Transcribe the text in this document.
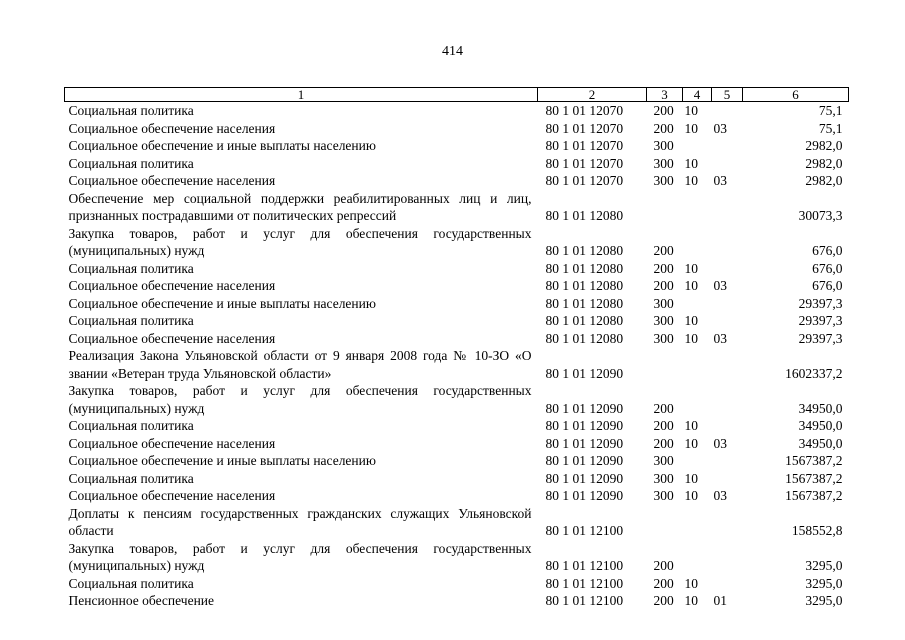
414
1	2	3	4	5	6
Социальная политика	80 1 01 12070	200	10		75,1
Социальное обеспечение населения	80 1 01 12070	200	10	03	75,1
Социальное обеспечение и иные выплаты населению	80 1 01 12070	300			2982,0
Социальная политика	80 1 01 12070	300	10		2982,0
Социальное обеспечение населения	80 1 01 12070	300	10	03	2982,0
Обеспечение мер социальной поддержки реабилитированных лиц и лиц, признанных пострадавшими от политических репрессий	80 1 01 12080				30073,3
Закупка товаров, работ и услуг для обеспечения государственных (муниципальных) нужд	80 1 01 12080	200			676,0
Социальная политика	80 1 01 12080	200	10		676,0
Социальное обеспечение населения	80 1 01 12080	200	10	03	676,0
Социальное обеспечение и иные выплаты населению	80 1 01 12080	300			29397,3
Социальная политика	80 1 01 12080	300	10		29397,3
Социальное обеспечение населения	80 1 01 12080	300	10	03	29397,3
Реализация Закона Ульяновской области от 9 января 2008 года № 10-ЗО «О звании «Ветеран труда Ульяновской области»	80 1 01 12090				1602337,2
Закупка товаров, работ и услуг для обеспечения государственных (муниципальных) нужд	80 1 01 12090	200			34950,0
Социальная политика	80 1 01 12090	200	10		34950,0
Социальное обеспечение населения	80 1 01 12090	200	10	03	34950,0
Социальное обеспечение и иные выплаты населению	80 1 01 12090	300			1567387,2
Социальная политика	80 1 01 12090	300	10		1567387,2
Социальное обеспечение населения	80 1 01 12090	300	10	03	1567387,2
Доплаты к пенсиям государственных гражданских служащих Ульяновской области	80 1 01 12100				158552,8
Закупка товаров, работ и услуг для обеспечения государственных (муниципальных) нужд	80 1 01 12100	200			3295,0
Социальная политика	80 1 01 12100	200	10		3295,0
Пенсионное обеспечение	80 1 01 12100	200	10	01	3295,0
